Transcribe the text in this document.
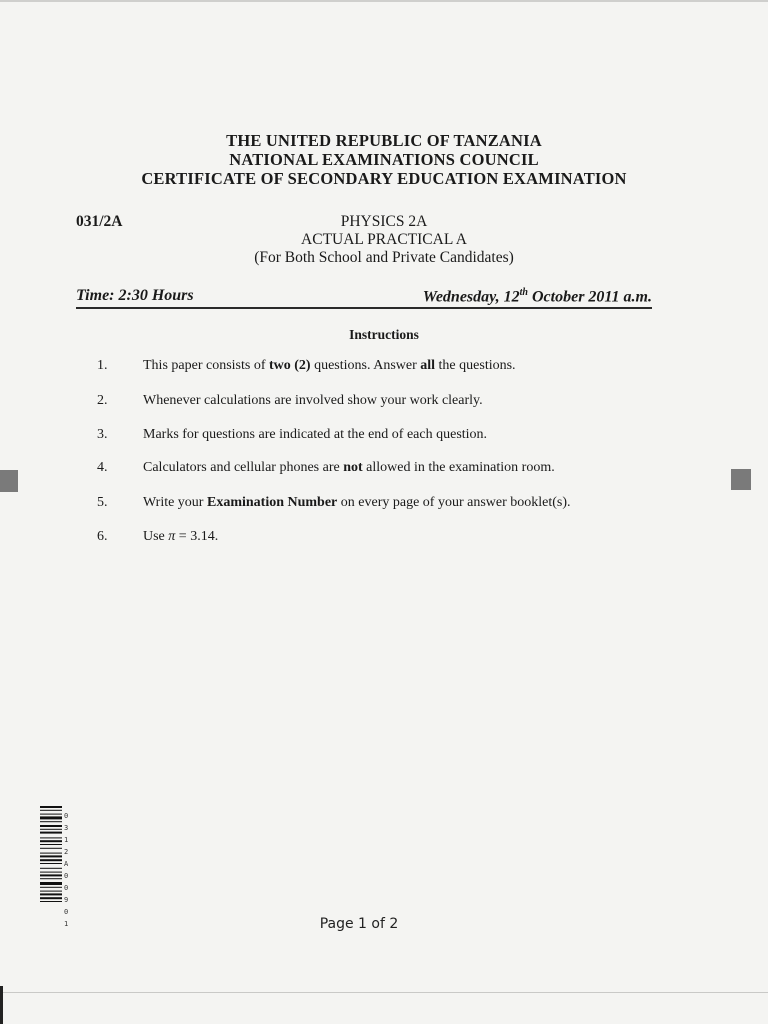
THE UNITED REPUBLIC OF TANZANIA
NATIONAL EXAMINATIONS COUNCIL
CERTIFICATE OF SECONDARY EDUCATION EXAMINATION
031/2A	PHYSICS 2A
ACTUAL PRACTICAL A
(For Both School and Private Candidates)
Time: 2:30 Hours	Wednesday, 12th October 2011 a.m.
Instructions
1.	This paper consists of two (2) questions. Answer all the questions.
2.	Whenever calculations are involved show your work clearly.
3.	Marks for questions are indicated at the end of each question.
4.	Calculators and cellular phones are not allowed in the examination room.
5.	Write your Examination Number on every page of your answer booklet(s).
6.	Use π = 3.14.
0312A00901	Page 1 of 2
